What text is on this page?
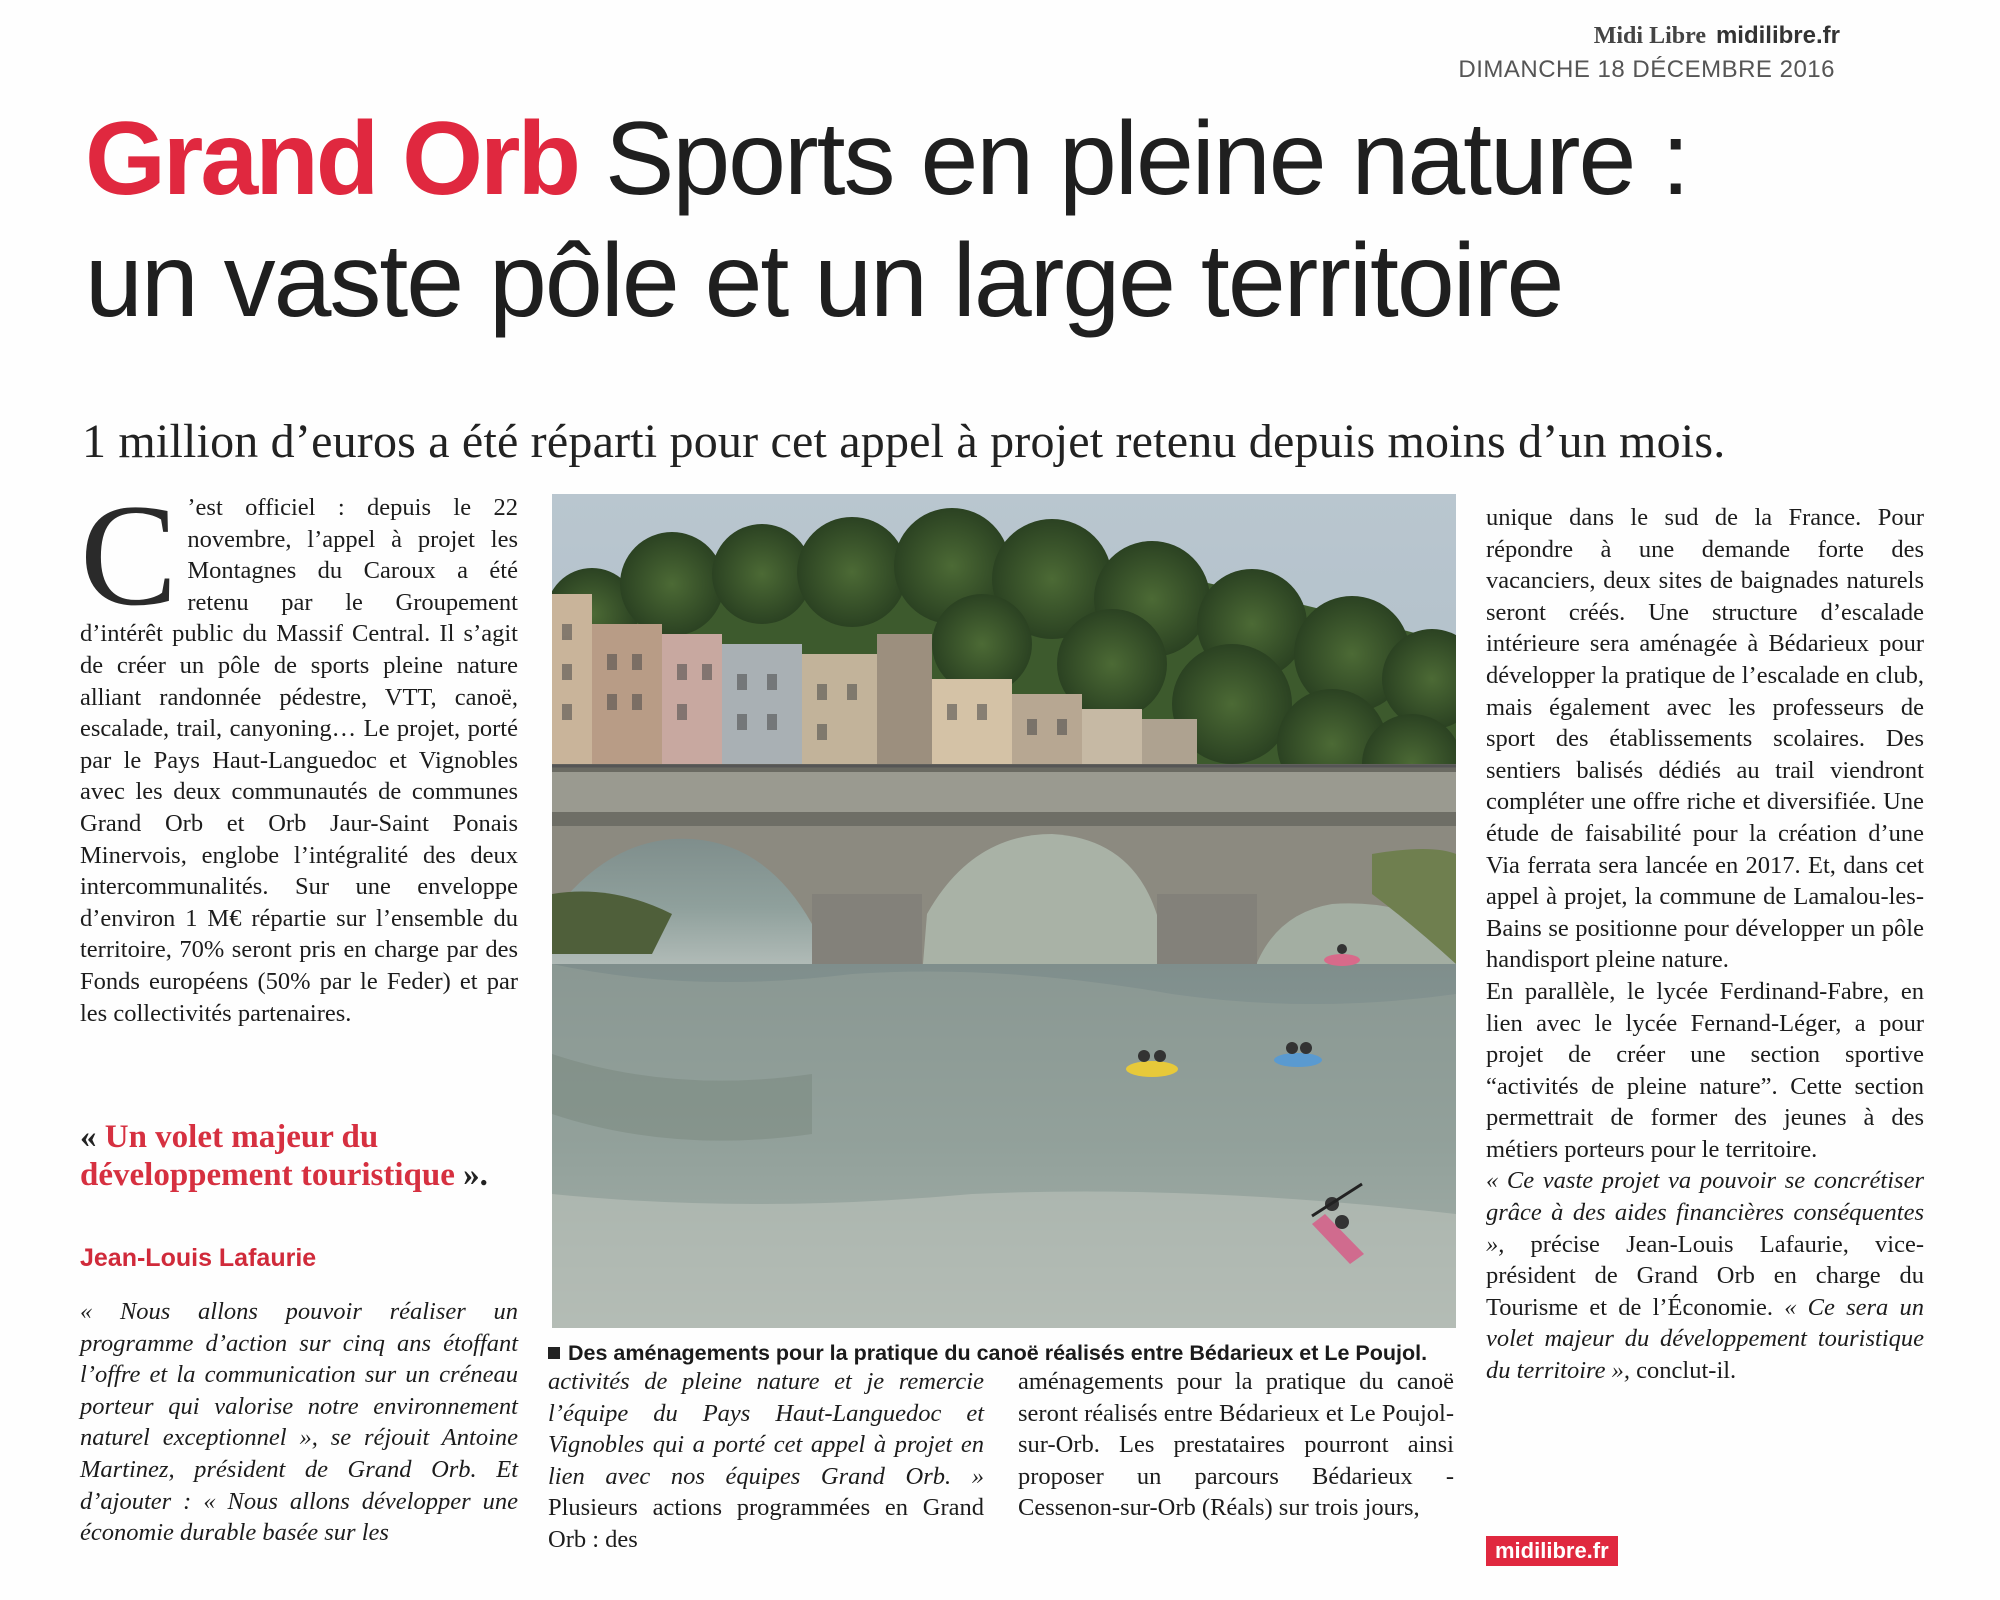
Midi Libre midilibre.fr
DIMANCHE 18 DÉCEMBRE 2016
Grand Orb Sports en pleine nature :
un vaste pôle et un large territoire
1 million d’euros a été réparti pour cet appel à projet retenu depuis moins d’un mois.
C ’est officiel : depuis le 22 novembre, l’appel à projet les Montagnes du Caroux a été retenu par le Groupement d’intérêt public du Massif Central. Il s’agit de créer un pôle de sports pleine nature alliant randonnée pédestre, VTT, canoë, escalade, trail, canyoning… Le projet, porté par le Pays Haut-Languedoc et Vignobles avec les deux communautés de communes Grand Orb et Orb Jaur-Saint Ponais Minervois, englobe l’intégralité des deux intercommunalités. Sur une enveloppe d’environ 1 M€ répartie sur l’ensemble du territoire, 70% seront pris en charge par des Fonds européens (50% par le Feder) et par les collectivités partenaires.
« Un volet majeur du développement touristique ».
Jean-Louis Lafaurie
« Nous allons pouvoir réaliser un programme d’action sur cinq ans étoffant l’offre et la communication sur un créneau porteur qui valorise notre environnement naturel exceptionnel », se réjouit Antoine Martinez, président de Grand Orb. Et d’ajouter : « Nous allons développer une économie durable basée sur les
Des aménagements pour la pratique du canoë réalisés entre Bédarieux et Le Poujol.
activités de pleine nature et je remercie l’équipe du Pays Haut-Languedoc et Vignobles qui a porté cet appel à projet en lien avec nos équipes Grand Orb. » Plusieurs actions programmées en Grand Orb : des
aménagements pour la pratique du canoë seront réalisés entre Bédarieux et Le Poujol-sur-Orb. Les prestataires pourront ainsi proposer un parcours Bédarieux - Cessenon-sur-Orb (Réals) sur trois jours,
unique dans le sud de la France. Pour répondre à une demande forte des vacanciers, deux sites de baignades naturels seront créés. Une structure d’escalade intérieure sera aménagée à Bédarieux pour développer la pratique de l’escalade en club, mais également avec les professeurs de sport des établissements scolaires. Des sentiers balisés dédiés au trail viendront compléter une offre riche et diversifiée. Une étude de faisabilité pour la création d’une Via ferrata sera lancée en 2017. Et, dans cet appel à projet, la commune de Lamalou-les-Bains se positionne pour développer un pôle handisport pleine nature.
En parallèle, le lycée Ferdinand-Fabre, en lien avec le lycée Fernand-Léger, a pour projet de créer une section sportive “activités de pleine nature”. Cette section permettrait de former des jeunes à des métiers porteurs pour le territoire.
« Ce vaste projet va pouvoir se concrétiser grâce à des aides financières conséquentes », précise Jean-Louis Lafaurie, vice-président de Grand Orb en charge du Tourisme et de l’Économie. « Ce sera un volet majeur du développement touristique du territoire », conclut-il.
midilibre.fr
